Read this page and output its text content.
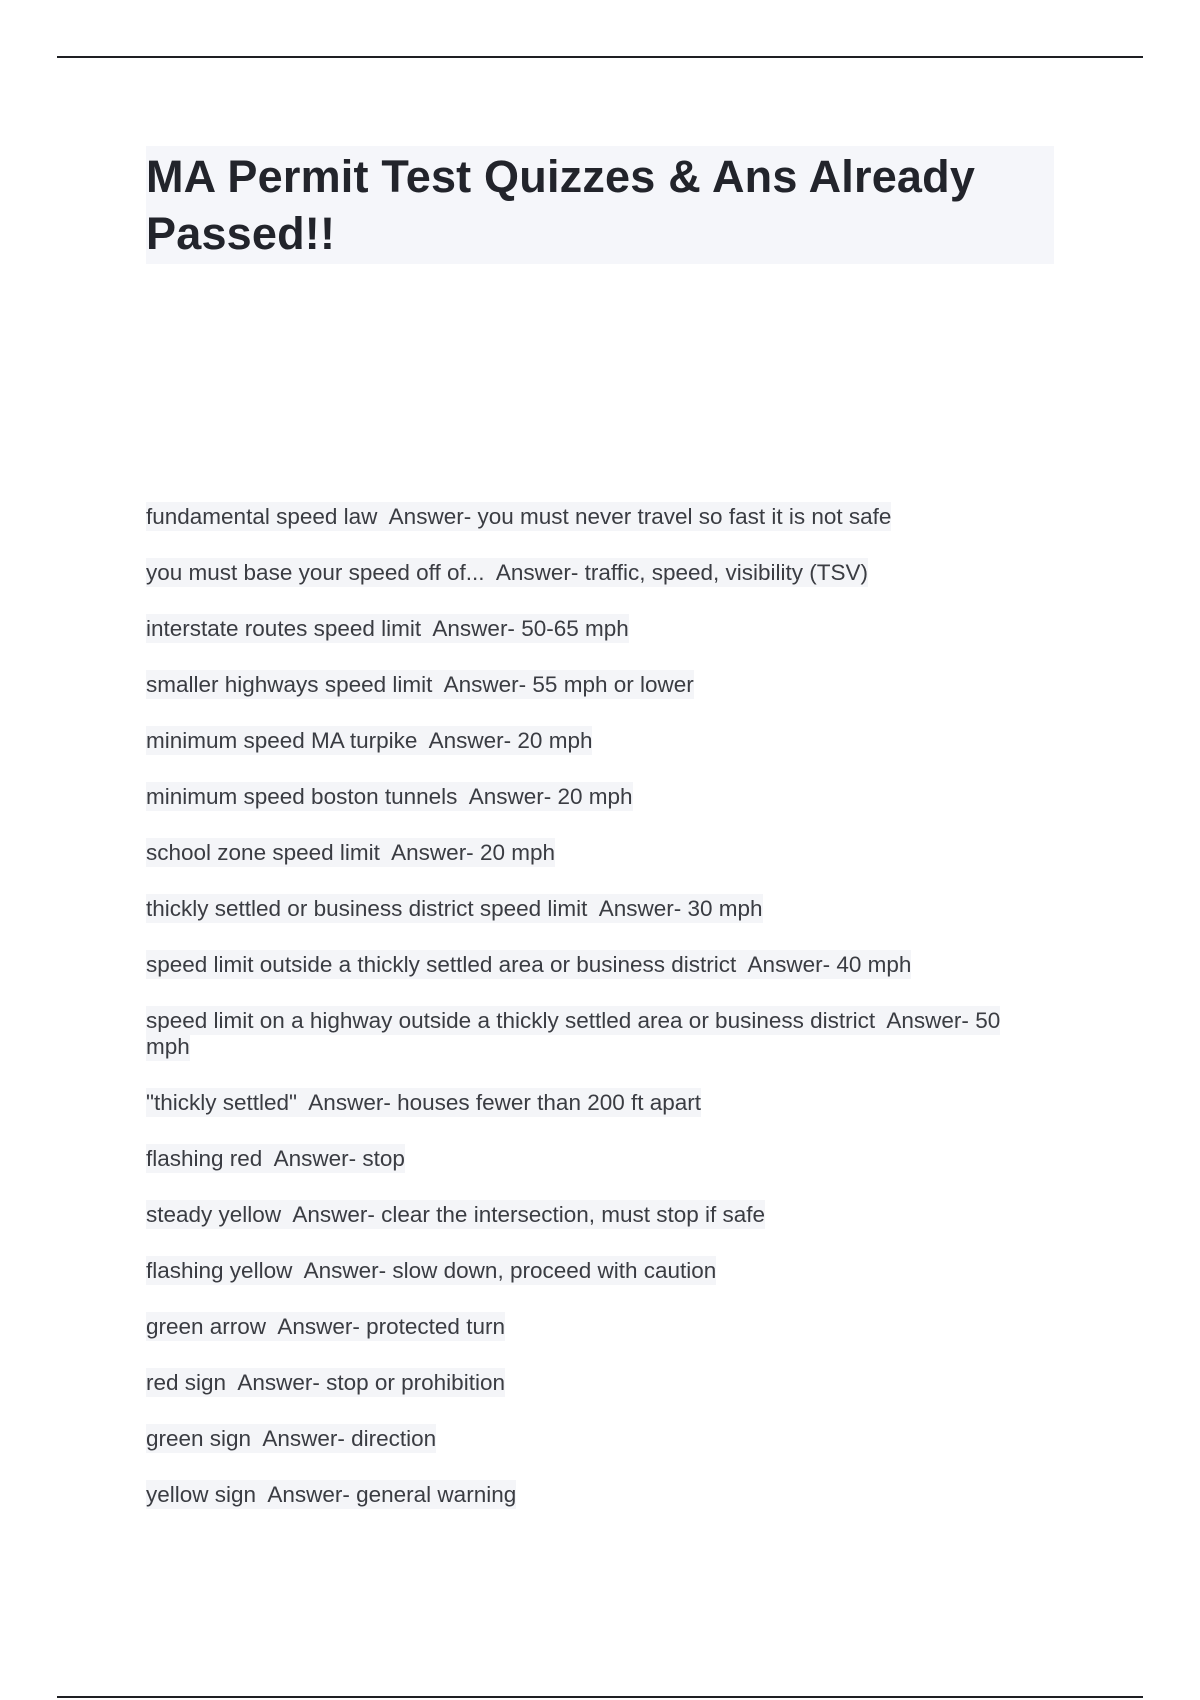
MA Permit Test Quizzes & Ans Already Passed!!
fundamental speed law Answer- you must never travel so fast it is not safe
you must base your speed off of... Answer- traffic, speed, visibility (TSV)
interstate routes speed limit Answer- 50-65 mph
smaller highways speed limit Answer- 55 mph or lower
minimum speed MA turpike Answer- 20 mph
minimum speed boston tunnels Answer- 20 mph
school zone speed limit Answer- 20 mph
thickly settled or business district speed limit Answer- 30 mph
speed limit outside a thickly settled area or business district Answer- 40 mph
speed limit on a highway outside a thickly settled area or business district Answer- 50 mph
"thickly settled" Answer- houses fewer than 200 ft apart
flashing red Answer- stop
steady yellow Answer- clear the intersection, must stop if safe
flashing yellow Answer- slow down, proceed with caution
green arrow Answer- protected turn
red sign Answer- stop or prohibition
green sign Answer- direction
yellow sign Answer- general warning
